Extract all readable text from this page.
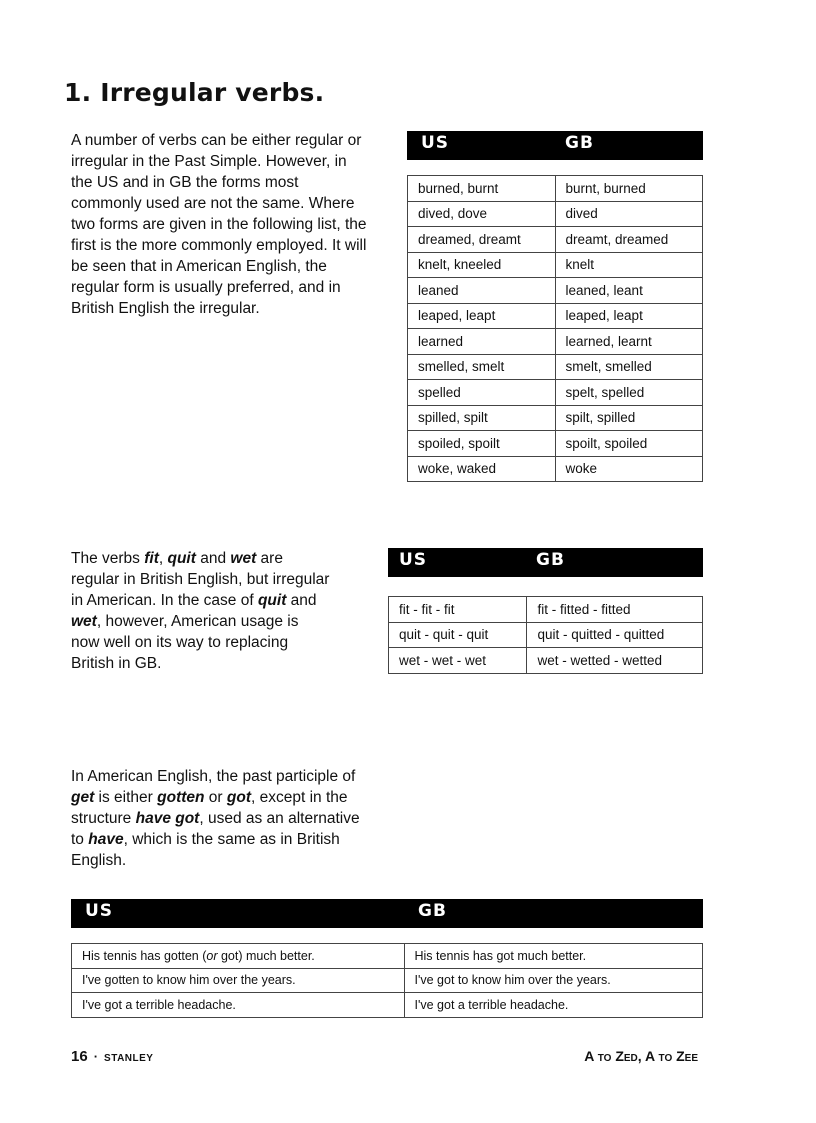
1. Irregular verbs.

A number of verbs can be either regular or irregular in the Past Simple. However, in the US and in GB the forms most commonly used are not the same. Where two forms are given in the following list, the first is the more commonly employed. It will be seen that in American English, the regular form is usually preferred, and in British English the irregular.

US	GB
burned, burnt	burnt, burned
dived, dove	dived
dreamed, dreamt	dreamt, dreamed
knelt, kneeled	knelt
leaned	leaned, leant
leaped, leapt	leaped, leapt
learned	learned, learnt
smelled, smelt	smelt, smelled
spelled	spelt, spelled
spilled, spilt	spilt, spilled
spoiled, spoilt	spoilt, spoiled
woke, waked	woke

The verbs fit, quit and wet are regular in British English, but irregular in American. In the case of quit and wet, however, American usage is now well on its way to replacing British in GB.

US	GB
fit - fit - fit	fit - fitted - fitted
quit - quit - quit	quit - quitted - quitted
wet - wet - wet	wet - wetted - wetted

In American English, the past participle of get is either gotten or got, except in the structure have got, used as an alternative to have, which is the same as in British English.

US	GB
His tennis has gotten (or got) much better.	His tennis has got much better.
I've gotten to know him over the years.	I've got to know him over the years.
I've got a terrible headache.	I've got a terrible headache.
16 · STANLEY	A to Zed, A to Zee
